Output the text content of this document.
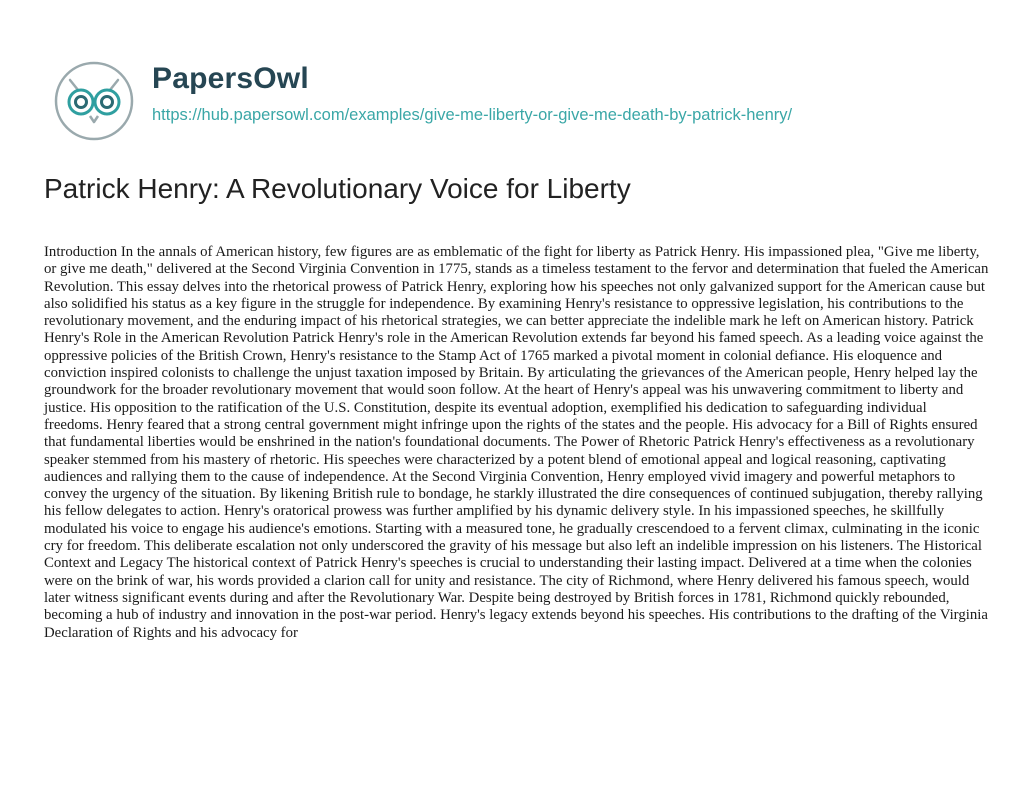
PapersOwl
https://hub.papersowl.com/examples/give-me-liberty-or-give-me-death-by-patrick-henry/
Patrick Henry: A Revolutionary Voice for Liberty

Introduction In the annals of American history, few figures are as emblematic of the fight for liberty as Patrick Henry. His impassioned plea, "Give me liberty, or give me death," delivered at the Second Virginia Convention in 1775, stands as a timeless testament to the fervor and determination that fueled the American Revolution. This essay delves into the rhetorical prowess of Patrick Henry, exploring how his speeches not only galvanized support for the American cause but also solidified his status as a key figure in the struggle for independence. By examining Henry's resistance to oppressive legislation, his contributions to the revolutionary movement, and the enduring impact of his rhetorical strategies, we can better appreciate the indelible mark he left on American history. Patrick Henry's Role in the American Revolution Patrick Henry's role in the American Revolution extends far beyond his famed speech. As a leading voice against the oppressive policies of the British Crown, Henry's resistance to the Stamp Act of 1765 marked a pivotal moment in colonial defiance. His eloquence and conviction inspired colonists to challenge the unjust taxation imposed by Britain. By articulating the grievances of the American people, Henry helped lay the groundwork for the broader revolutionary movement that would soon follow. At the heart of Henry's appeal was his unwavering commitment to liberty and justice. His opposition to the ratification of the U.S. Constitution, despite its eventual adoption, exemplified his dedication to safeguarding individual freedoms. Henry feared that a strong central government might infringe upon the rights of the states and the people. His advocacy for a Bill of Rights ensured that fundamental liberties would be enshrined in the nation's foundational documents. The Power of Rhetoric Patrick Henry's effectiveness as a revolutionary speaker stemmed from his mastery of rhetoric. His speeches were characterized by a potent blend of emotional appeal and logical reasoning, captivating audiences and rallying them to the cause of independence. At the Second Virginia Convention, Henry employed vivid imagery and powerful metaphors to convey the urgency of the situation. By likening British rule to bondage, he starkly illustrated the dire consequences of continued subjugation, thereby rallying his fellow delegates to action. Henry's oratorical prowess was further amplified by his dynamic delivery style. In his impassioned speeches, he skillfully modulated his voice to engage his audience's emotions. Starting with a measured tone, he gradually crescendoed to a fervent climax, culminating in the iconic cry for freedom. This deliberate escalation not only underscored the gravity of his message but also left an indelible impression on his listeners. The Historical Context and Legacy The historical context of Patrick Henry's speeches is crucial to understanding their lasting impact. Delivered at a time when the colonies were on the brink of war, his words provided a clarion call for unity and resistance. The city of Richmond, where Henry delivered his famous speech, would later witness significant events during and after the Revolutionary War. Despite being destroyed by British forces in 1781, Richmond quickly rebounded, becoming a hub of industry and innovation in the post-war period. Henry's legacy extends beyond his speeches. His contributions to the drafting of the Virginia Declaration of Rights and his advocacy for
